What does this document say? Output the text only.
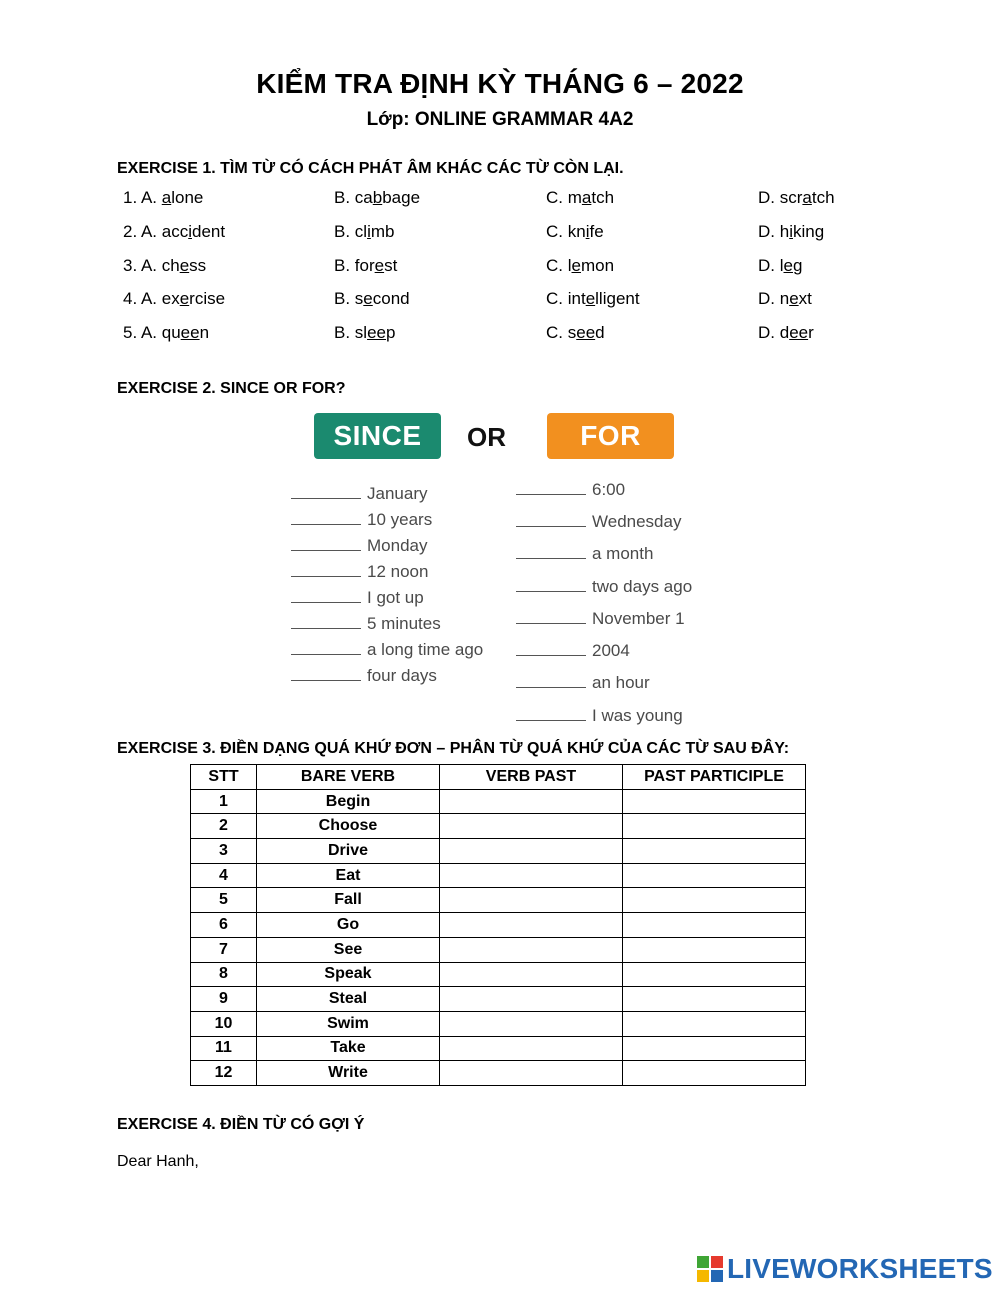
KIỂM TRA ĐỊNH KỲ THÁNG 6 – 2022
Lớp: ONLINE GRAMMAR 4A2
EXERCISE 1. TÌM TỪ CÓ CÁCH PHÁT ÂM KHÁC CÁC TỪ CÒN LẠI.
1. A. alone	B. cabbage	C. match	D. scratch
2. A. accident	B. climb	C. knife	D. hiking
3. A. chess	B. forest	C. lemon	D. leg
4. A. exercise	B. second	C. intelligent	D. next
5. A. queen	B. sleep	C. seed	D. deer
EXERCISE 2. SINCE OR FOR?
SINCE	OR	FOR
January
10 years
Monday
12 noon
I got up
5 minutes
a long time ago
four days
6:00
Wednesday
a month
two days ago
November 1
2004
an hour
I was young
EXERCISE 3. ĐIỀN DẠNG QUÁ KHỨ ĐƠN – PHÂN TỪ QUÁ KHỨ CỦA CÁC TỪ SAU ĐÂY:
STT	BARE VERB	VERB PAST	PAST PARTICIPLE
1	Begin		
2	Choose		
3	Drive		
4	Eat		
5	Fall		
6	Go		
7	See		
8	Speak		
9	Steal		
10	Swim		
11	Take		
12	Write		
EXERCISE 4. ĐIỀN TỪ CÓ GỢI Ý
Dear Hanh,
LIVEWORKSHEETS
